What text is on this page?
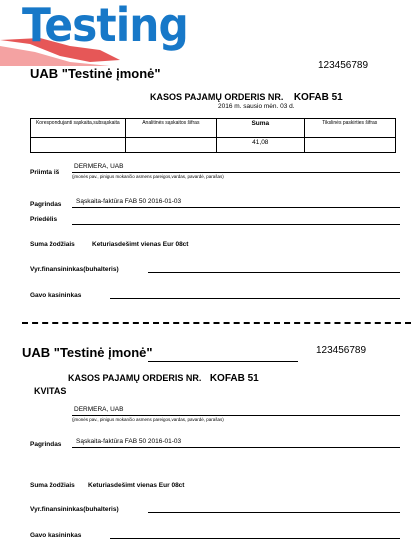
Testing
UAB "Testinė įmonė"
123456789
KASOS PAJAMŲ ORDERIS NR. KOFAB 51
2016 m. sausio mėn. 03 d.
Korespondujanti sąskaita,subsąskaita	Analitinės sąskaitos šifras	Suma	Tikslinės paskirties šifras
		41,08	
Priimta iš
DERMERA, UAB
(įmonės pav., pinigus mokančio asmens pareigos,vardas, pavardė, parašas)
Pagrindas Sąskaita-faktūra FAB 50 2016-01-03
Priedėlis
Suma žodžiais	Keturiasdešimt vienas Eur 08ct
Vyr.finansininkas(buhalteris)
Gavo kasininkas
UAB "Testinė įmonė"	123456789
KASOS PAJAMŲ ORDERIS NR. KOFAB 51
KVITAS
DERMERA, UAB
(įmonės pav., pinigus mokančio asmens pareigos,vardas, pavardė, parašas)
Pagrindas Sąskaita-faktūra FAB 50 2016-01-03
Suma žodžiais Keturiasdešimt vienas Eur 08ct
Vyr.finansininkas(buhalteris)
Gavo kasininkas
